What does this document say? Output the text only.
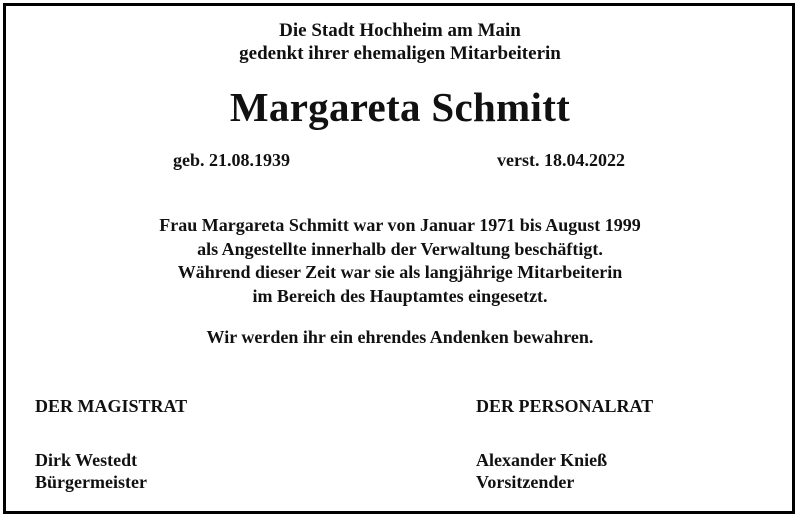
Die Stadt Hochheim am Main
gedenkt ihrer ehemaligen Mitarbeiterin
Margareta Schmitt
geb. 21.08.1939	verst. 18.04.2022
Frau Margareta Schmitt war von Januar 1971 bis August 1999
als Angestellte innerhalb der Verwaltung beschäftigt.
Während dieser Zeit war sie als langjährige Mitarbeiterin
im Bereich des Hauptamtes eingesetzt.
Wir werden ihr ein ehrendes Andenken bewahren.
DER MAGISTRAT
Dirk Westedt
Bürgermeister
DER PERSONALRAT
Alexander Knieß
Vorsitzender
